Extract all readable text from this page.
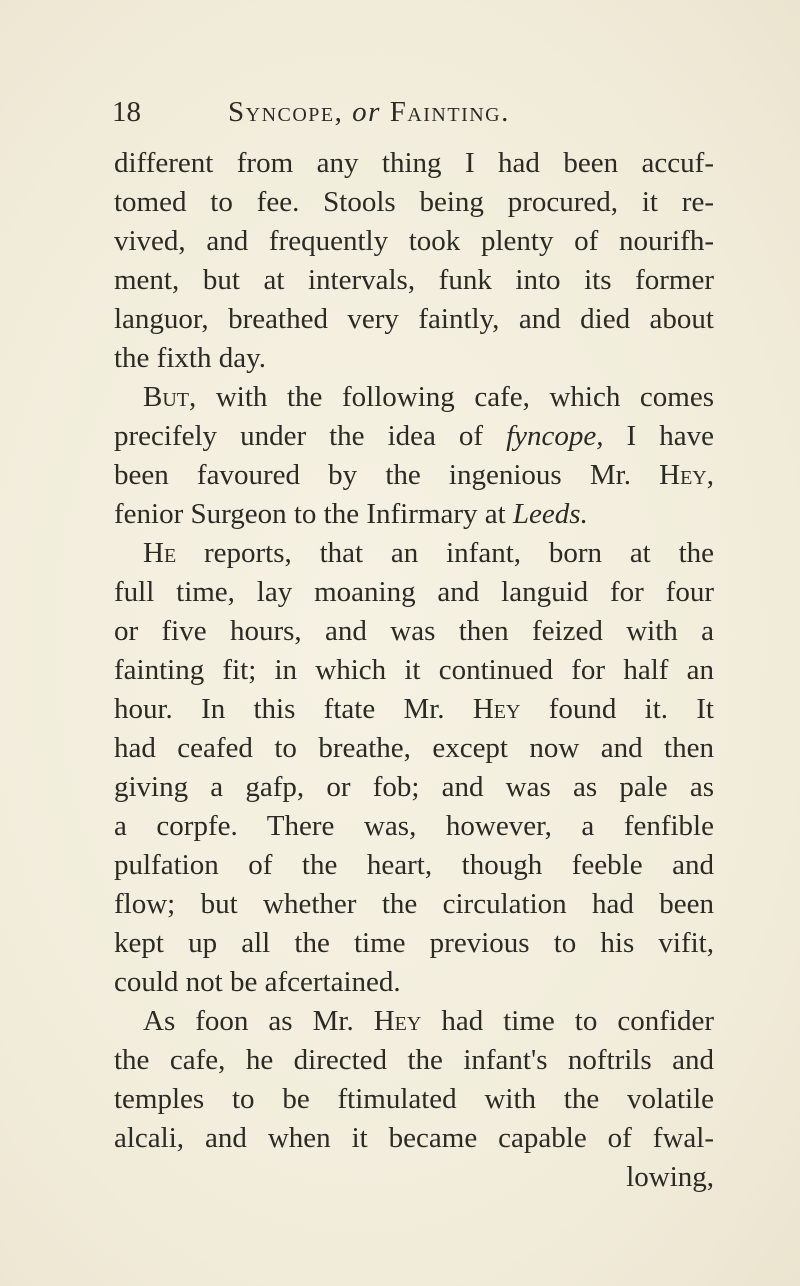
18	Syncope, or Fainting.
different from any thing I had been accuf-
tomed to fee. Stools being procured, it re-
vived, and frequently took plenty of nourifh-
ment, but at intervals, funk into its former
languor, breathed very faintly, and died about
the fixth day.
 But, with the following cafe, which comes
precifely under the idea of fyncope, I have
been favoured by the ingenious Mr. Hey,
fenior Surgeon to the Infirmary at Leeds.
 He reports, that an infant, born at the
full time, lay moaning and languid for four
or five hours, and was then feized with a
fainting fit; in which it continued for half an
hour. In this ftate Mr. Hey found it. It
had ceafed to breathe, except now and then
giving a gafp, or fob; and was as pale as
a corpfe. There was, however, a fenfible
pulfation of the heart, though feeble and
flow; but whether the circulation had been
kept up all the time previous to his vifit,
could not be afcertained.
 As foon as Mr. Hey had time to confider
the cafe, he directed the infant's noftrils and
temples to be ftimulated with the volatile
alcali, and when it became capable of fwal-
lowing,
